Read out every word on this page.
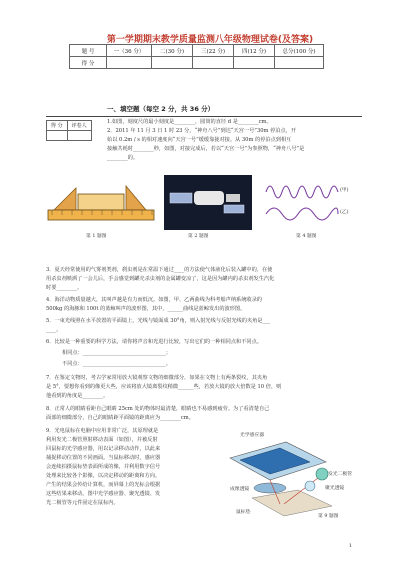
第一学期期末教学质量监测八年级物理试卷(及答案)
题 号	一（36 分）	二(30 分)	三(22 分)	四(12 分)	总分(100 分)
得 分					
一、填空题（每空 2 分，共 36 分）
得 分	评卷人

1.如图，刻度尺的最小刻度是________，圆筒的直径 d 是________cm。
2．2011 年 11 月 3 日 1 时 23 分，“神舟八号”到达“天宫一号”30m 停泊点，开
始以 0.2m / s 的相对速度向“天宫一号”缓缓靠拢对接。从 30m 的停泊点到相互
接触共耗时________秒，如图，对接完成后，若以“天宫一号”为参照物，“神舟八号”是
________的。
第 1 题图	第 2 题图
(甲)
(乙)
第 4 题图
3．夏天经常使用的气雾剂类剂，刹虫剂是在常温下通过____的方法使气体液化后装入罐中的，在使
用杀虫剂喷洒了一会儿后，手会感觉到罐壳杀虫剂的金属罐变凉了，这是因为罐内的杀虫剂发生汽化
时要________。
4．海洋动物质量越大，其叫声越是有力而低沉。如图，甲、乙两曲线为科考船声纳系统收录的
500kg 的海豚和 100t 的蓝鲸叫声的波形图，其中，______曲线是蓝鲸发出的波形图。
5．一束光线照在水平放置的平面镜上，光线与镜面成 30°角，则入射光线与反射光线的夹角是___
____。
6．比较是一种重要的科学方法，请你将声音和光进行比较，写出它们的一种相同点和不同点。
相同点：________________________________；
不同点：________________________________。
7．在鉴定文物时，考古学家常用放大镜观察文物的细微部分，如果在文物上有两条裂纹，其夹角
是 5°，要想你看到的像更大些，应该将放大镜离裂纹稍微______些，若放大镜的放大倍数是 10 倍，则
他看到的角度是________。
8．正常人的眼睛看距自己眼睛 25cm 处的物体时最清楚，眼睛也不易感到疲劳。为了看清楚自己
面部的细微部分，自己的眼睛距平面镜的距离应为________cm。
9．光电鼠标在电脑中应用非常广泛，其原理就是
利用发光二极管照射移动表面（如图），并被反射
回鼠标的光学感应器，用以记录移动动作，以此来
捕捉移动位置的不同画面。当鼠标移动时，感应器
会连续拍摄鼠标垫表面所成的像，并利用数字信号
处理来比较各个影像，以决定移动的距离和方向。
产生的结果会传给计算机，而屏幕上的光标会根据
这些结果来移动。图中光学感应器、聚光透镜、发
光二极管等元件固定在鼠标内。
光学感应器
发光二极管
成像透镜	聚光透镜
鼠标垫
第 9 题图
1
